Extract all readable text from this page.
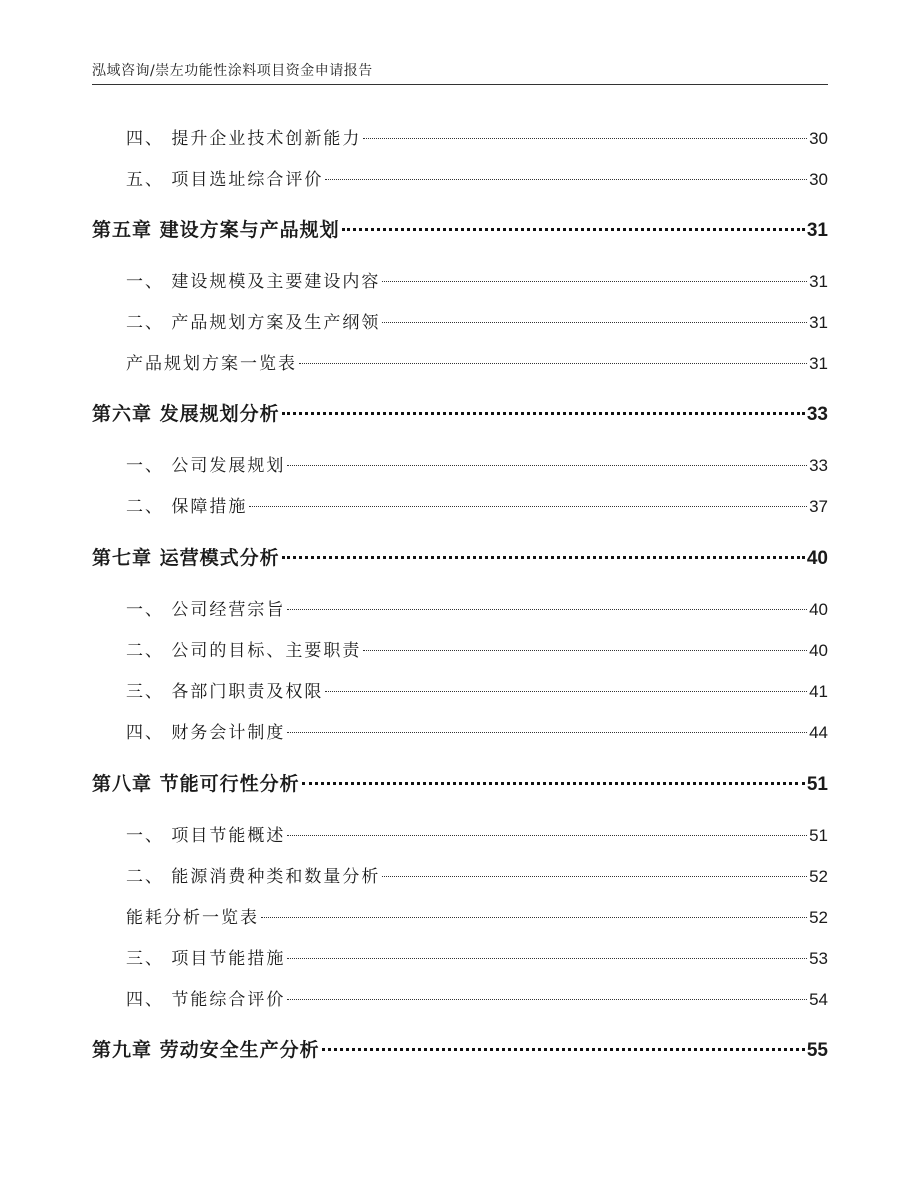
泓域咨询/崇左功能性涂料项目资金申请报告
四、 提升企业技术创新能力	30
五、 项目选址综合评价	30
第五章 建设方案与产品规划	31
一、 建设规模及主要建设内容	31
二、 产品规划方案及生产纲领	31
产品规划方案一览表	31
第六章 发展规划分析	33
一、 公司发展规划	33
二、 保障措施	37
第七章 运营模式分析	40
一、 公司经营宗旨	40
二、 公司的目标、主要职责	40
三、 各部门职责及权限	41
四、 财务会计制度	44
第八章 节能可行性分析	51
一、 项目节能概述	51
二、 能源消费种类和数量分析	52
能耗分析一览表	52
三、 项目节能措施	53
四、 节能综合评价	54
第九章 劳动安全生产分析	55
